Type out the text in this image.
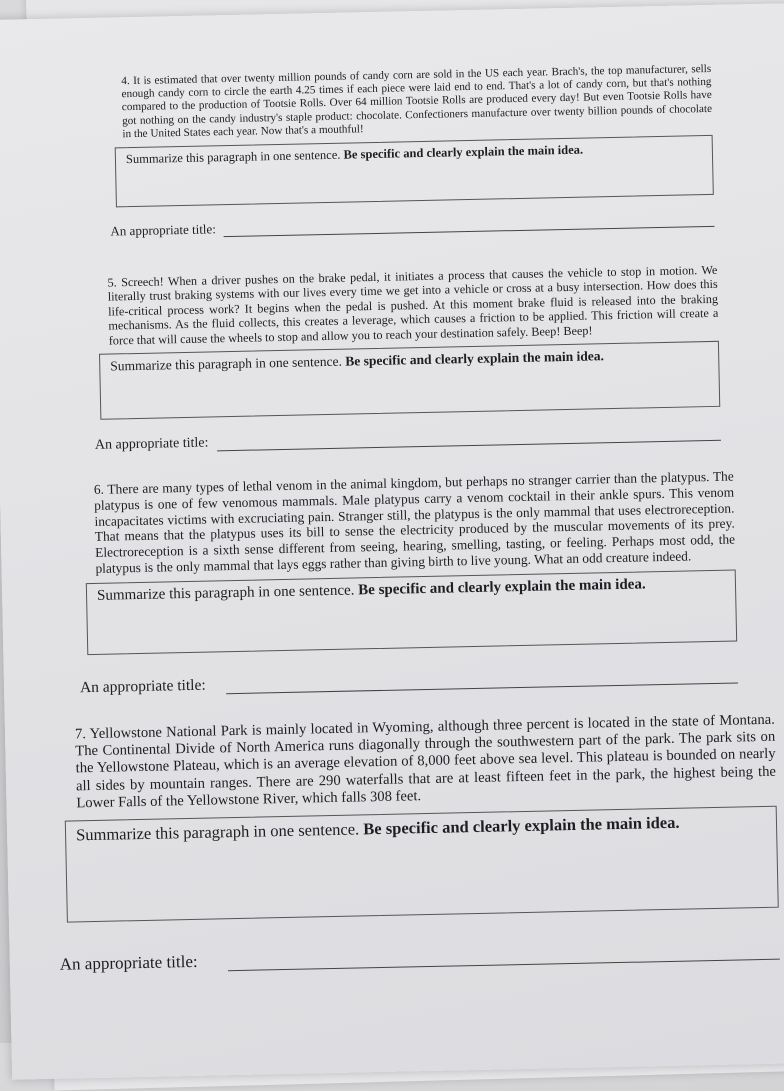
4. It is estimated that over twenty million pounds of candy corn are sold in the US each year. Brach's, the top manufacturer, sells enough candy corn to circle the earth 4.25 times if each piece were laid end to end. That's a lot of candy corn, but that's nothing compared to the production of Tootsie Rolls. Over 64 million Tootsie Rolls are produced every day! But even Tootsie Rolls have got nothing on the candy industry's staple product: chocolate. Confectioners manufacture over twenty billion pounds of chocolate in the United States each year. Now that's a mouthful!

Summarize this paragraph in one sentence. Be specific and clearly explain the main idea.
An appropriate title:

5. Screech! When a driver pushes on the brake pedal, it initiates a process that causes the vehicle to stop in motion. We literally trust braking systems with our lives every time we get into a vehicle or cross at a busy intersection. How does this life-critical process work? It begins when the pedal is pushed. At this moment brake fluid is released into the braking mechanisms. As the fluid collects, this creates a leverage, which causes a friction to be applied. This friction will create a force that will cause the wheels to stop and allow you to reach your destination safely. Beep! Beep!

Summarize this paragraph in one sentence. Be specific and clearly explain the main idea.
An appropriate title:

6. There are many types of lethal venom in the animal kingdom, but perhaps no stranger carrier than the platypus. The platypus is one of few venomous mammals. Male platypus carry a venom cocktail in their ankle spurs. This venom incapacitates victims with excruciating pain. Stranger still, the platypus is the only mammal that uses electroreception. That means that the platypus uses its bill to sense the electricity produced by the muscular movements of its prey. Electroreception is a sixth sense different from seeing, hearing, smelling, tasting, or feeling. Perhaps most odd, the platypus is the only mammal that lays eggs rather than giving birth to live young. What an odd creature indeed.

Summarize this paragraph in one sentence. Be specific and clearly explain the main idea.
An appropriate title:

7. Yellowstone National Park is mainly located in Wyoming, although three percent is located in the state of Montana. The Continental Divide of North America runs diagonally through the southwestern part of the park. The park sits on the Yellowstone Plateau, which is an average elevation of 8,000 feet above sea level. This plateau is bounded on nearly all sides by mountain ranges. There are 290 waterfalls that are at least fifteen feet in the park, the highest being the Lower Falls of the Yellowstone River, which falls 308 feet.

Summarize this paragraph in one sentence. Be specific and clearly explain the main idea.
An appropriate title:
